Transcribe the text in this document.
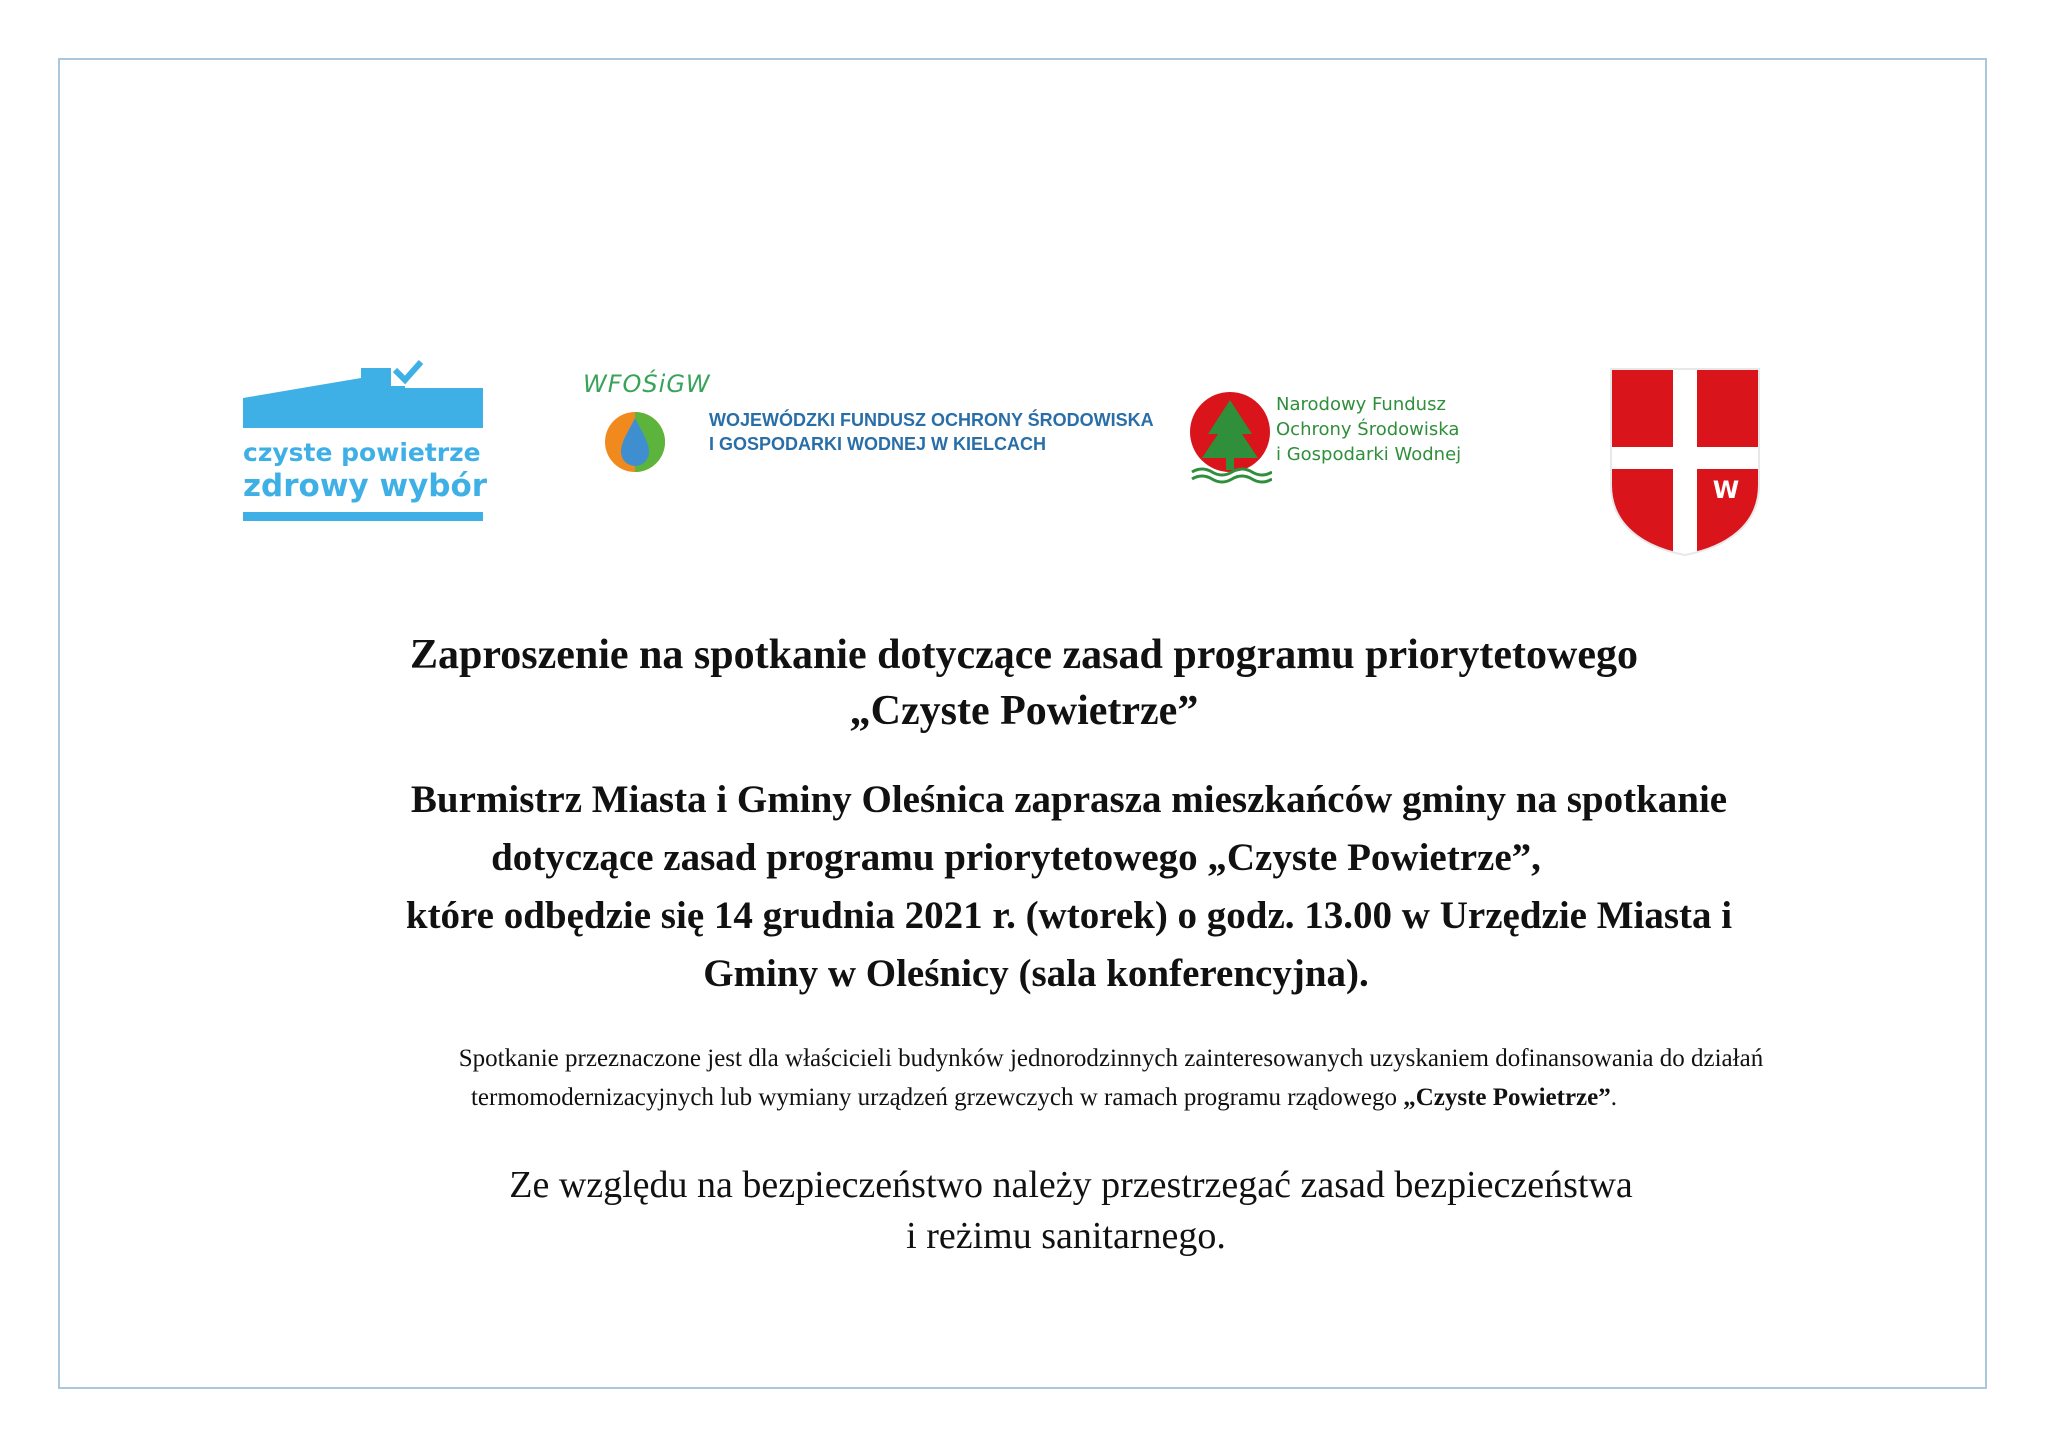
czyste powietrze
zdrowy wybór
WFOŚiGW
WOJEWÓDZKI FUNDUSZ OCHRONY ŚRODOWISKA
I GOSPODARKI WODNEJ W KIELCACH
Narodowy Fundusz
Ochrony Środowiska
i Gospodarki Wodnej
W
Zaproszenie na spotkanie dotyczące zasad programu priorytetowego
„Czyste Powietrze”
Burmistrz Miasta i Gminy Oleśnica zaprasza mieszkańców gminy na spotkanie
dotyczące zasad programu priorytetowego „Czyste Powietrze”,
które odbędzie się 14 grudnia 2021 r. (wtorek) o godz. 13.00 w Urzędzie Miasta i
Gminy w Oleśnicy (sala konferencyjna).
Spotkanie przeznaczone jest dla właścicieli budynków jednorodzinnych zainteresowanych uzyskaniem dofinansowania do działań
termomodernizacyjnych lub wymiany urządzeń grzewczych w ramach programu rządowego „Czyste Powietrze”.
Ze względu na bezpieczeństwo należy przestrzegać zasad bezpieczeństwa
i reżimu sanitarnego.
